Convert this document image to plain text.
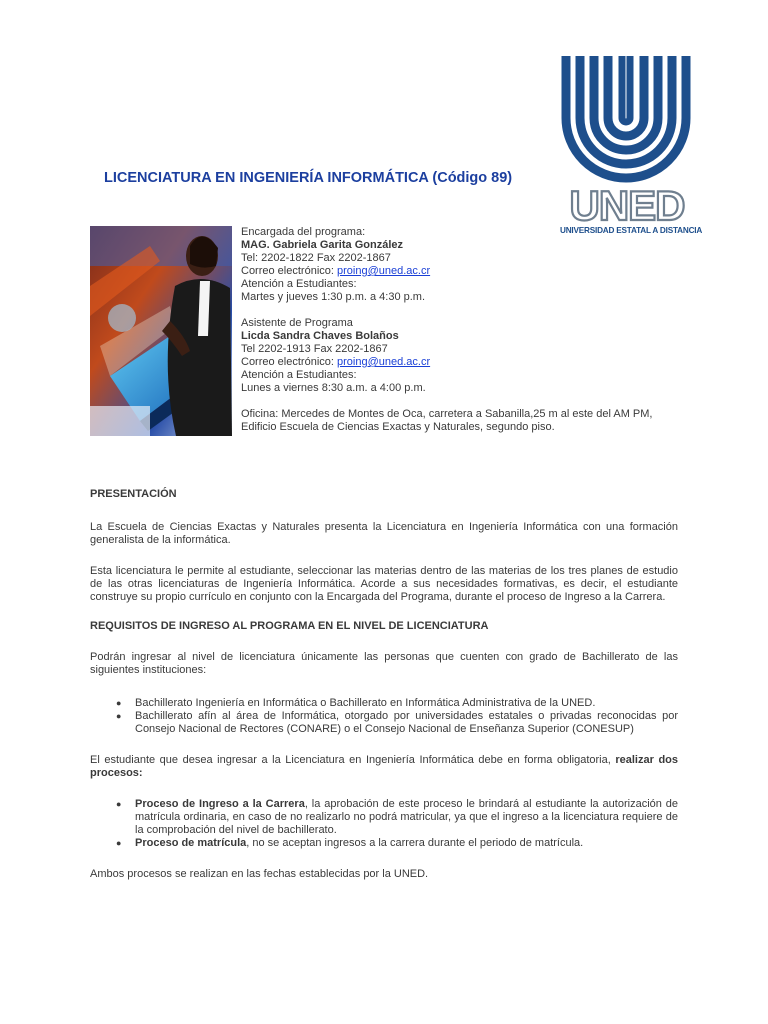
UNED
UNIVERSIDAD ESTATAL A DISTANCIA
LICENCIATURA EN INGENIERÍA INFORMÁTICA (Código 89)
Encargada del programa:
MAG. Gabriela Garita González
Tel: 2202-1822 Fax 2202-1867
Correo electrónico: proing@uned.ac.cr
Atención a Estudiantes:
Martes y jueves 1:30 p.m. a 4:30 p.m.
Asistente de Programa
Licda Sandra Chaves Bolaños
Tel 2202-1913 Fax 2202-1867
Correo electrónico: proing@uned.ac.cr
Atención a Estudiantes:
Lunes a viernes 8:30 a.m. a 4:00 p.m.
Oficina: Mercedes de Montes de Oca, carretera a Sabanilla,25 m al este del AM PM,
Edificio Escuela de Ciencias Exactas y Naturales, segundo piso.

PRESENTACIÓN

La Escuela de Ciencias Exactas y Naturales presenta la Licenciatura en Ingeniería Informática con una formación generalista de la informática.

Esta licenciatura le permite al estudiante, seleccionar las materias dentro de las materias de los tres planes de estudio de las otras licenciaturas de Ingeniería Informática. Acorde a sus necesidades formativas, es decir, el estudiante construye su propio currículo en conjunto con la Encargada del Programa, durante el proceso de Ingreso a la Carrera.

REQUISITOS DE INGRESO AL PROGRAMA EN EL NIVEL DE LICENCIATURA

Podrán ingresar al nivel de licenciatura únicamente las personas que cuenten con grado de Bachillerato de las siguientes instituciones:

●	Bachillerato Ingeniería en Informática o Bachillerato en Informática Administrativa de la UNED.
●	Bachillerato afín al área de Informática, otorgado por universidades estatales o privadas reconocidas por Consejo Nacional de Rectores (CONARE) o el Consejo Nacional de Enseñanza Superior (CONESUP)

El estudiante que desea ingresar a la Licenciatura en Ingeniería Informática debe en forma obligatoria, realizar dos procesos:

●	Proceso de Ingreso a la Carrera, la aprobación de este proceso le brindará al estudiante la autorización de matrícula ordinaria, en caso de no realizarlo no podrá matricular, ya que el ingreso a la licenciatura requiere de la comprobación del nivel de bachillerato.
●	Proceso de matrícula, no se aceptan ingresos a la carrera durante el periodo de matrícula.

Ambos procesos se realizan en las fechas establecidas por la UNED.
